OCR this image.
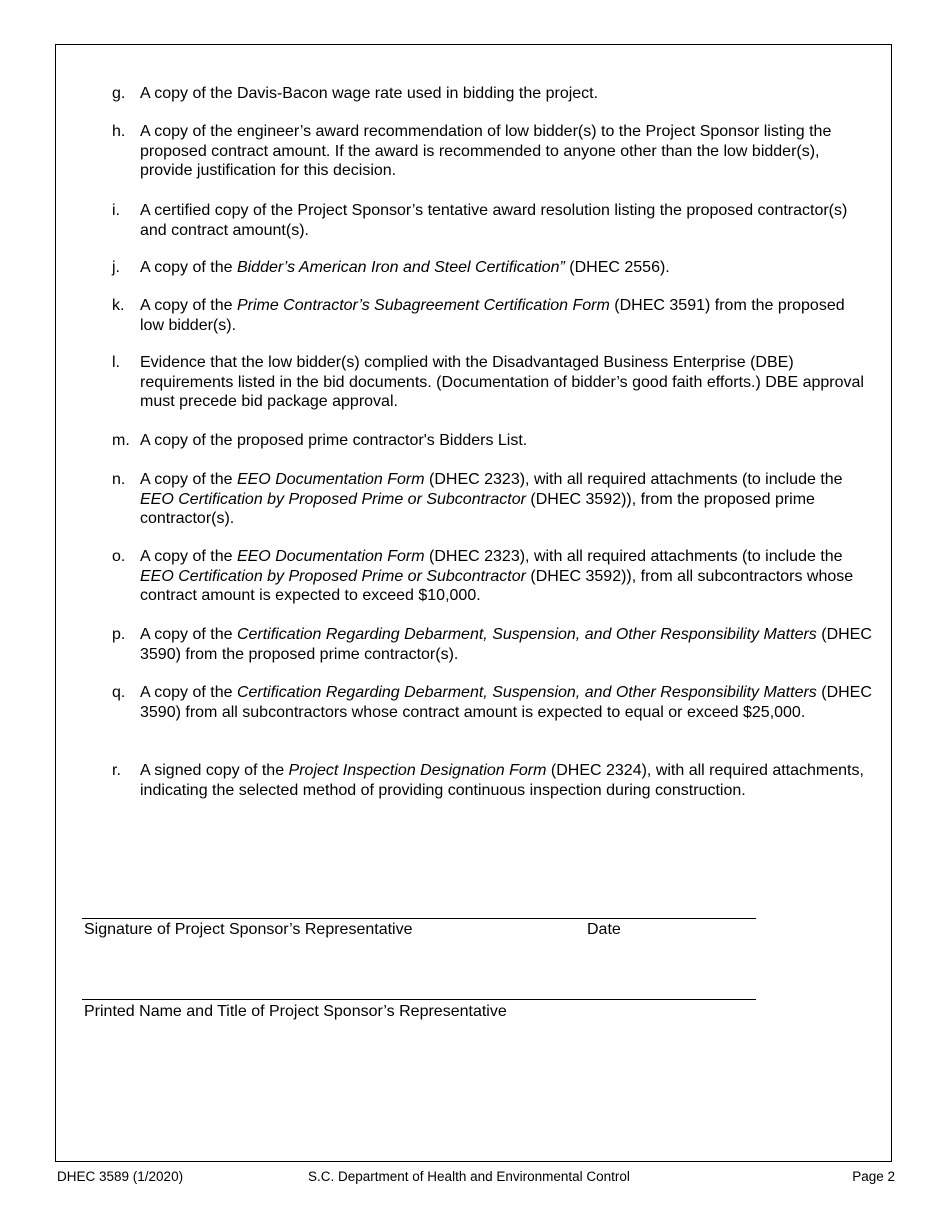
g. A copy of the Davis-Bacon wage rate used in bidding the project.
h. A copy of the engineer’s award recommendation of low bidder(s) to the Project Sponsor listing the proposed contract amount. If the award is recommended to anyone other than the low bidder(s), provide justification for this decision.
i. A certified copy of the Project Sponsor’s tentative award resolution listing the proposed contractor(s) and contract amount(s).
j. A copy of the Bidder’s American Iron and Steel Certification” (DHEC 2556).
k. A copy of the Prime Contractor’s Subagreement Certification Form (DHEC 3591) from the proposed low bidder(s).
l. Evidence that the low bidder(s) complied with the Disadvantaged Business Enterprise (DBE) requirements listed in the bid documents. (Documentation of bidder’s good faith efforts.) DBE approval must precede bid package approval.
m. A copy of the proposed prime contractor's Bidders List.
n. A copy of the EEO Documentation Form (DHEC 2323), with all required attachments (to include the EEO Certification by Proposed Prime or Subcontractor (DHEC 3592)), from the proposed prime contractor(s).
o. A copy of the EEO Documentation Form (DHEC 2323), with all required attachments (to include the EEO Certification by Proposed Prime or Subcontractor (DHEC 3592)), from all subcontractors whose contract amount is expected to exceed $10,000.
p. A copy of the Certification Regarding Debarment, Suspension, and Other Responsibility Matters (DHEC 3590) from the proposed prime contractor(s).
q. A copy of the Certification Regarding Debarment, Suspension, and Other Responsibility Matters (DHEC 3590) from all subcontractors whose contract amount is expected to equal or exceed $25,000.
r. A signed copy of the Project Inspection Designation Form (DHEC 2324), with all required attachments, indicating the selected method of providing continuous inspection during construction.
Signature of Project Sponsor’s Representative	Date
Printed Name and Title of Project Sponsor’s Representative
DHEC 3589 (1/2020)	S.C. Department of Health and Environmental Control	Page 2
